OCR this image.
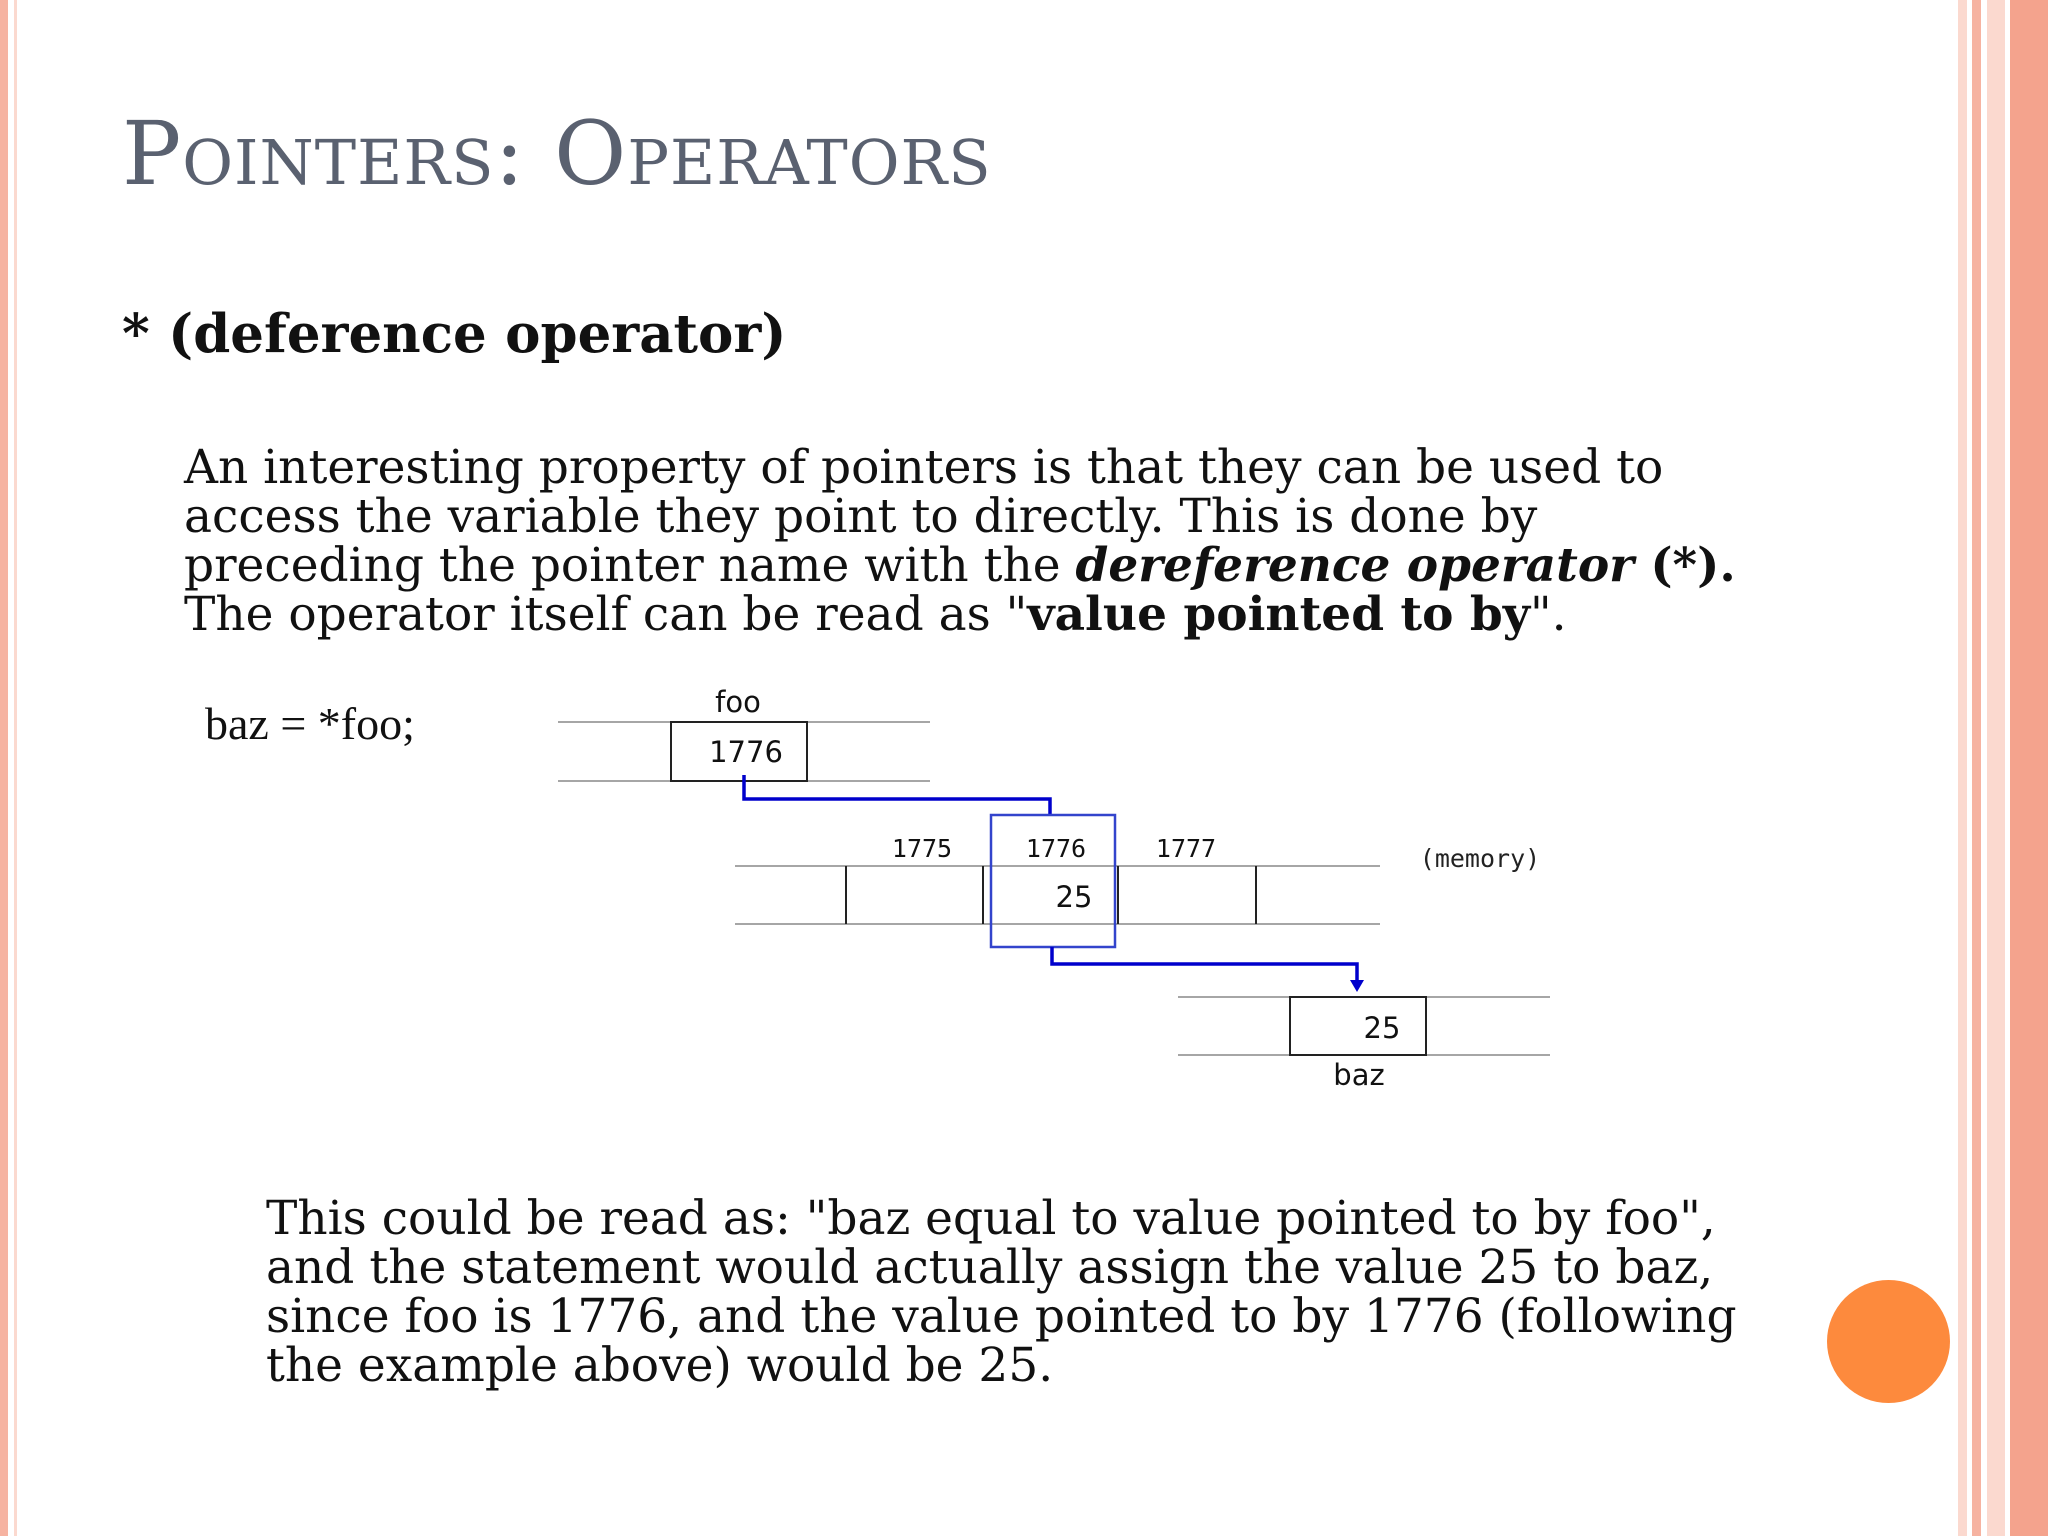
Pointers: Operators
* (deference operator)
An interesting property of pointers is that they can be used to
access the variable they point to directly. This is done by
preceding the pointer name with the dereference operator (*).
The operator itself can be read as "value pointed to by".
baz = *foo;	foo
1776
1775	1776	1777
25
(memory)
25
baz
This could be read as: "baz equal to value pointed to by foo",
and the statement would actually assign the value 25 to baz,
since foo is 1776, and the value pointed to by 1776 (following
the example above) would be 25.
